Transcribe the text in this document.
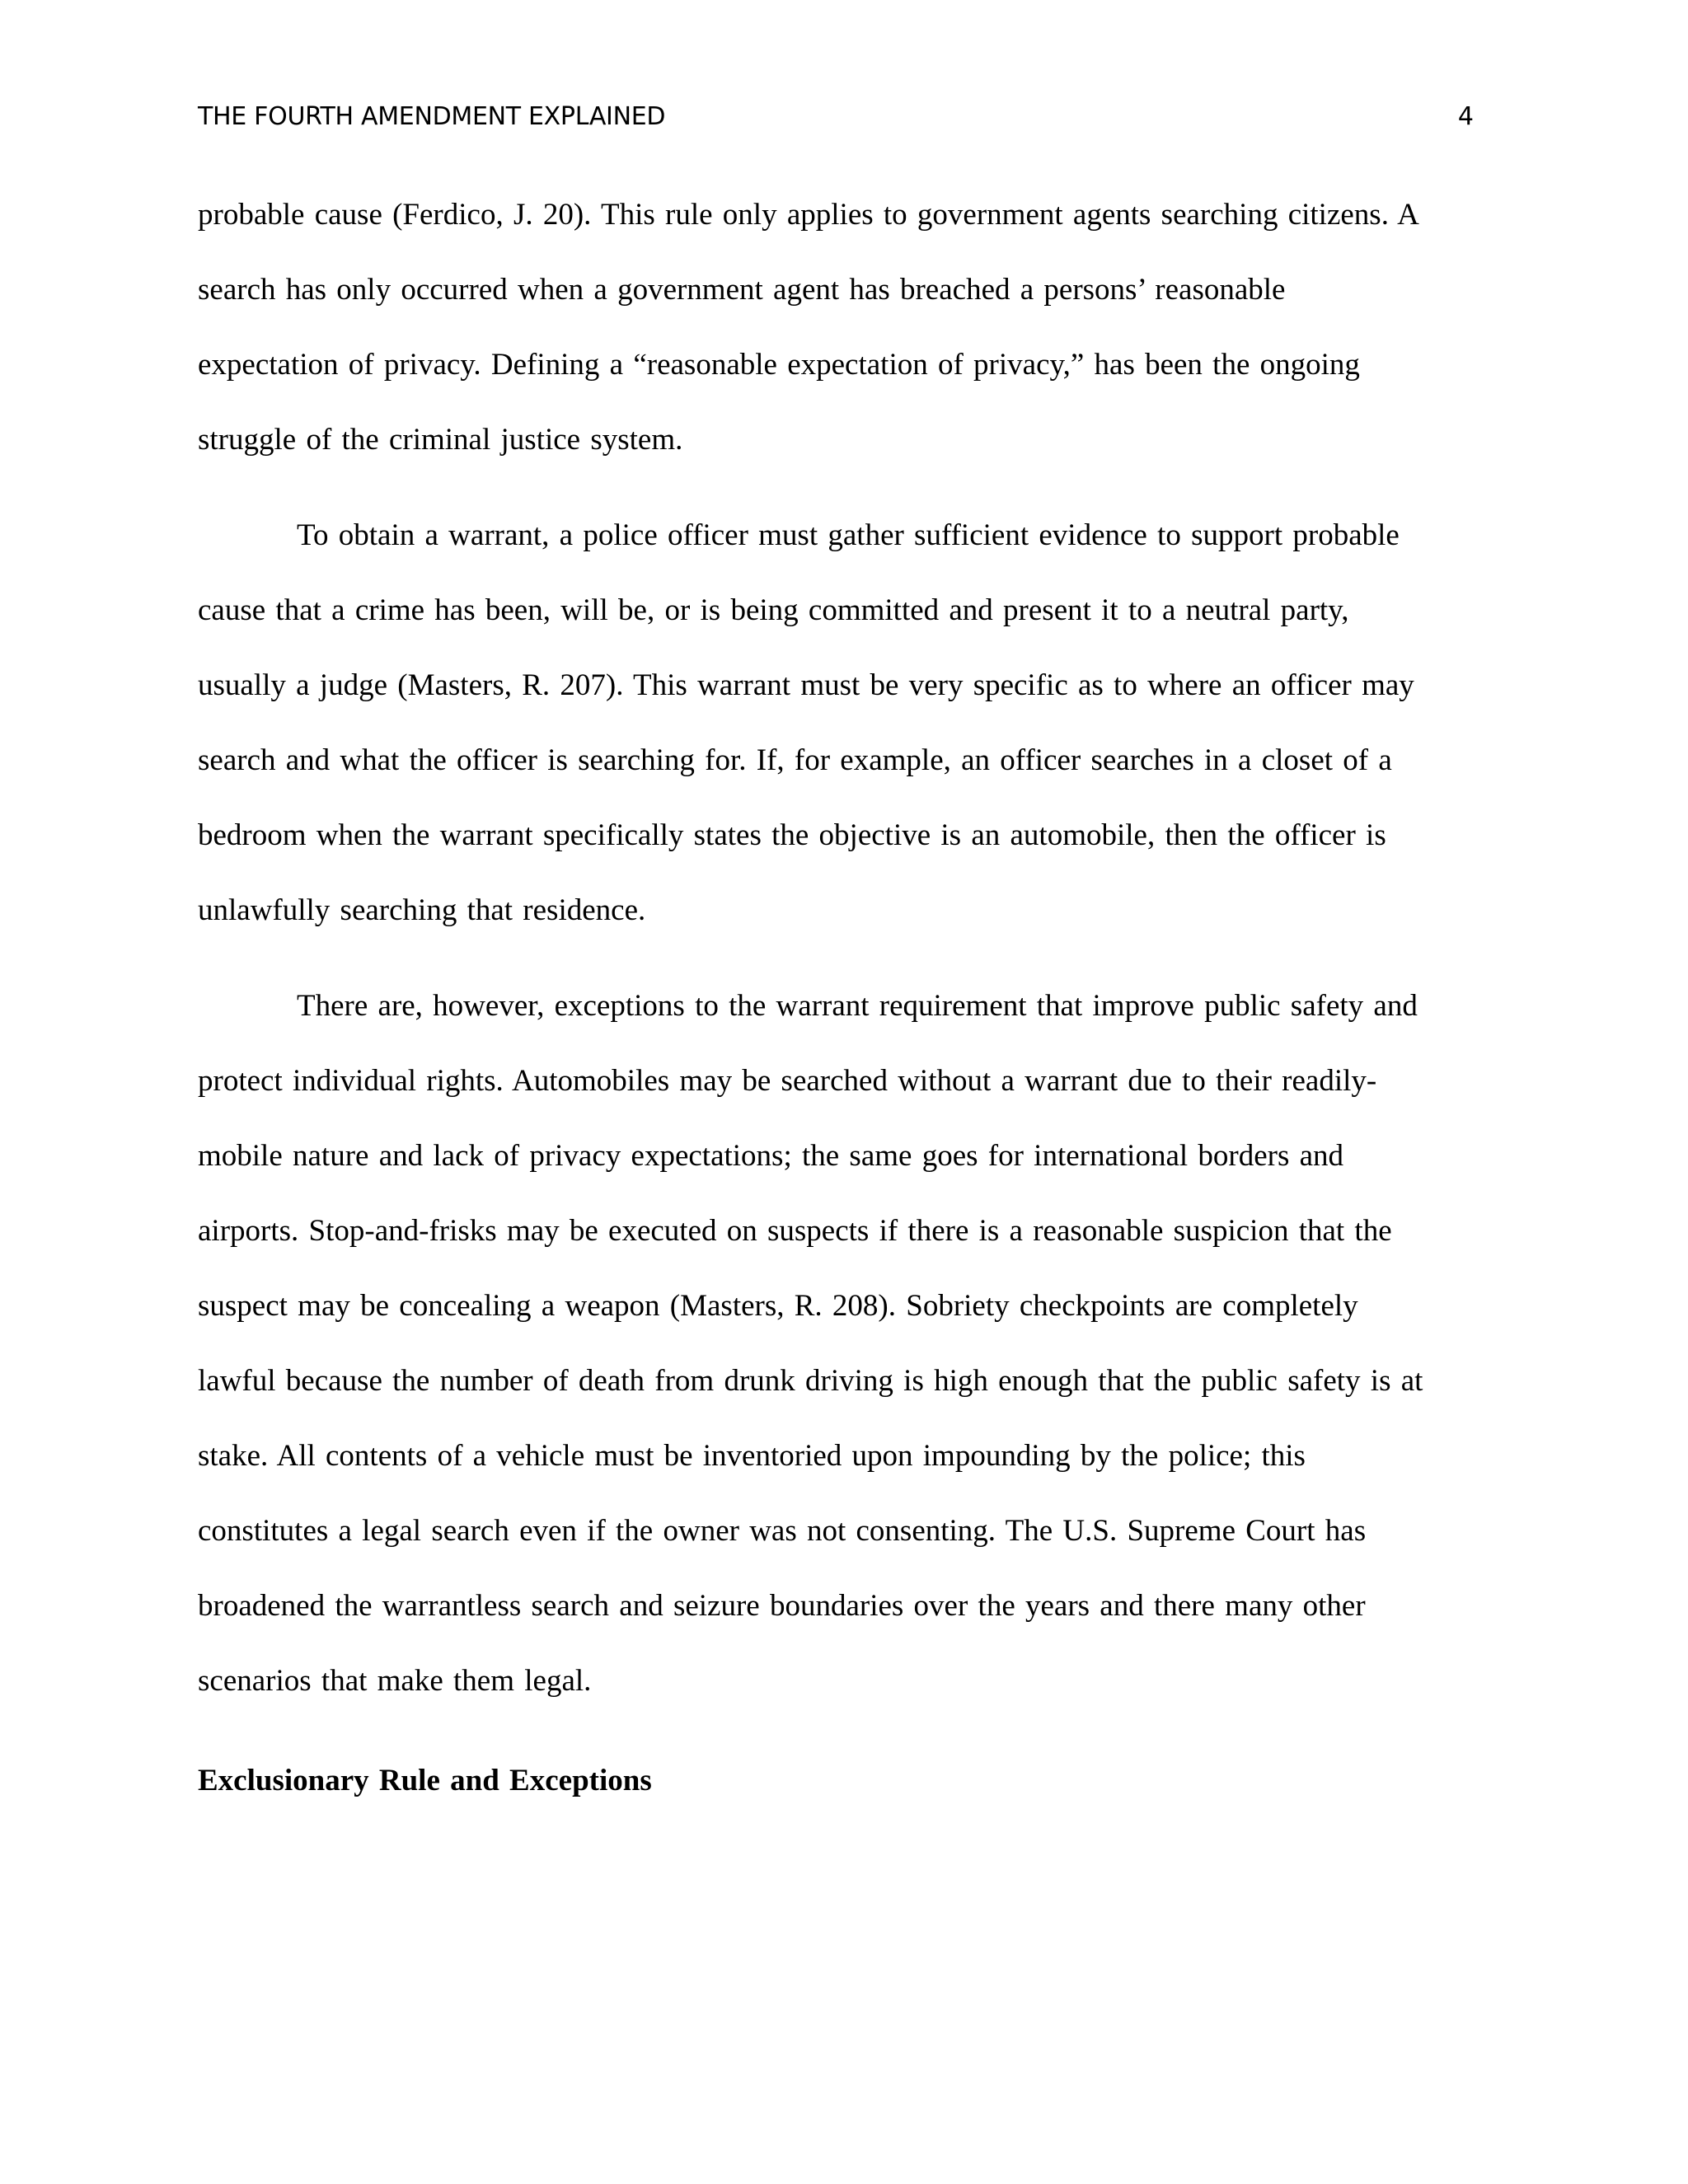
THE FOURTH AMENDMENT EXPLAINED	4
probable cause (Ferdico, J. 20). This rule only applies to government agents searching citizens. A
search has only occurred when a government agent has breached a persons’ reasonable
expectation of privacy. Defining a “reasonable expectation of privacy,” has been the ongoing
struggle of the criminal justice system.
To obtain a warrant, a police officer must gather sufficient evidence to support probable
cause that a crime has been, will be, or is being committed and present it to a neutral party,
usually a judge (Masters, R. 207). This warrant must be very specific as to where an officer may
search and what the officer is searching for. If, for example, an officer searches in a closet of a
bedroom when the warrant specifically states the objective is an automobile, then the officer is
unlawfully searching that residence.
There are, however, exceptions to the warrant requirement that improve public safety and
protect individual rights. Automobiles may be searched without a warrant due to their readily-
mobile nature and lack of privacy expectations; the same goes for international borders and
airports. Stop-and-frisks may be executed on suspects if there is a reasonable suspicion that the
suspect may be concealing a weapon (Masters, R. 208). Sobriety checkpoints are completely
lawful because the number of death from drunk driving is high enough that the public safety is at
stake. All contents of a vehicle must be inventoried upon impounding by the police; this
constitutes a legal search even if the owner was not consenting. The U.S. Supreme Court has
broadened the warrantless search and seizure boundaries over the years and there many other
scenarios that make them legal.
Exclusionary Rule and Exceptions
